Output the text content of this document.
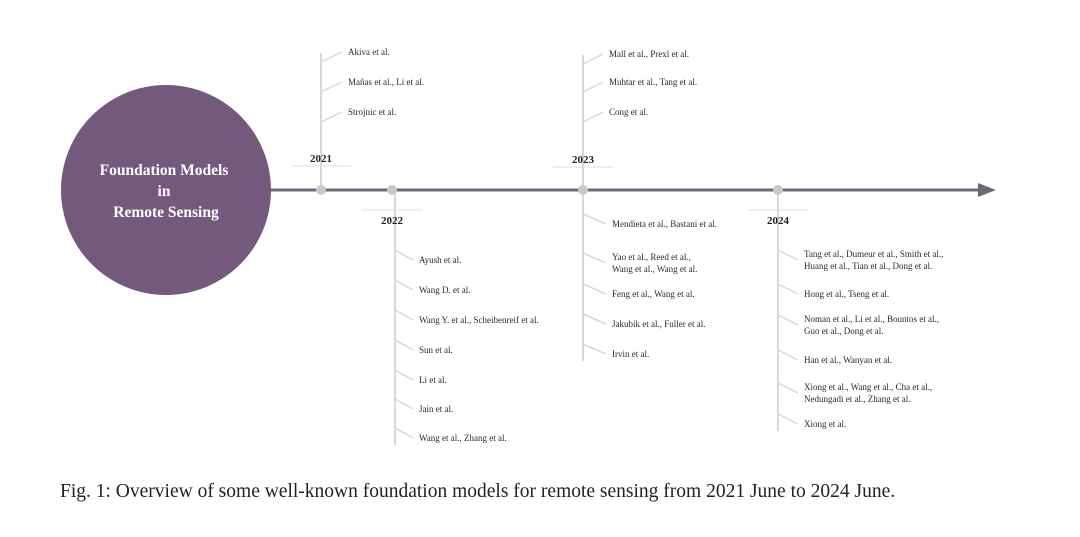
Foundation Models
in
Remote Sensing
2021
2022
2023
2024
Akiva et al.
Mañas et al., Li et al.
Strojnic et al.
Ayush et al.
Wang D. et al.
Wang Y. et al., Scheibenreif et al.
Sun et al.
Li et al.
Jain et al.
Wang et al., Zhang et al.
Mall et al., Prexl et al.
Muhtar et al., Tang et al.
Cong et al.
Mendieta et al., Bastani et al.
Yao et al., Reed et al.,
Wang et al., Wang et al.
Feng et al., Wang et al.
Jakubik et al., Fuller et al.
Irvin et al.
Tang et al., Dumeur et al., Smith et al.,
Huang et al., Tian et al., Dong et al.
Hong et al., Tseng et al.
Noman et al., Li et al., Bountos et al.,
Guo et al., Dong et al.
Han et al., Wanyan et al.
Xiong et al., Wang et al., Cha et al.,
Nedungadi et al., Zhang et al.
Xiong et al.
Fig. 1: Overview of some well-known foundation models for remote sensing from 2021 June to 2024 June.
